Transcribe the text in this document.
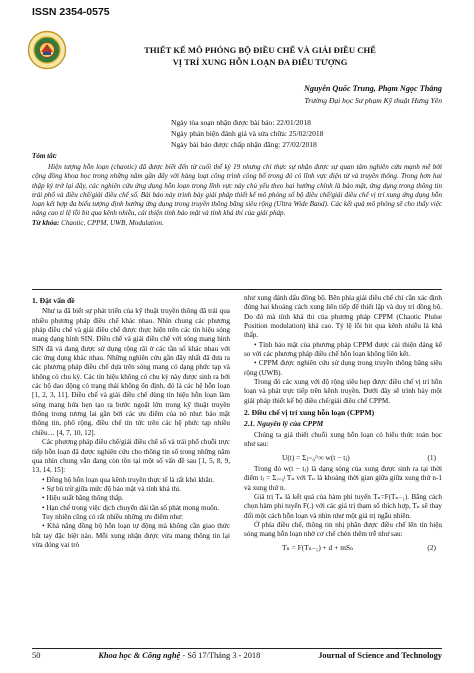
ISSN 2354-0575
THIẾT KẾ MÔ PHỎNG BỘ ĐIỀU CHẾ VÀ GIẢI ĐIỀU CHẾ
VỊ TRÍ XUNG HỖN LOẠN ĐA ĐIỂU TƯỢNG
Nguyễn Quốc Trung, Phạm Ngọc Thắng
Trường Đại học Sư phạm Kỹ thuật Hưng Yên
Ngày tòa soạn nhận được bài báo: 22/01/2018
Ngày phản biện đánh giá và sửa chữa: 25/02/2018
Ngày bài báo được chấp nhận đăng: 27/02/2018
Tóm tắt:
Hiện tượng hỗn loạn (chaotic) đã được biết đến từ cuối thế kỷ 19 nhưng chỉ thực sự nhận được sự quan tâm nghiên cứu mạnh mẽ bởi cộng đồng khoa học trong những năm gần đây với hàng loạt công trình công bố trong đó có lĩnh vực điện tử và truyền thông. Trong hơn hai thập kỷ trở lại đây, các nghiên cứu ứng dụng hỗn loạn trong lĩnh vực này chủ yếu theo hai hướng chính là bảo mật, ứng dụng trong thông tin trải phổ và điều chế/giải điều chế số. Bài báo này trình bày giải pháp thiết kế mô phỏng số bộ điều chế/giải điều chế vị trí xung ứng dụng hỗn loạn kết hợp đa biểu tượng định hướng ứng dụng trong truyền thông băng siêu rộng (Ultra Wide Band). Các kết quả mô phỏng sẽ cho thấy việc nâng cao tỉ lệ lỗi bit qua kênh nhiễu, cải thiện tính bảo mật và tính khả thi của giải pháp.
Từ khóa: Chaotic, CPPM, UWB, Modulation.
1. Đặt vấn đề
Như ta đã biết sự phát triển của kỹ thuật truyền thông đã trải qua nhiều phương pháp điều chế khác nhau. Nhìn chung các phương pháp điều chế và giải điều chế được thực hiện trên các tín hiệu sóng mang dạng hình SIN. Điều chế và giải điều chế với sóng mang hình SIN đã và đang được sử dụng rộng rãi ở các tần số khác nhau với các ứng dụng khác nhau. Những nghiên cứu gần đây nhất đã đưa ra các phương pháp điều chế dựa trên sóng mang có dạng phức tạp và không có chu kỳ. Các tín hiệu không có chu kỳ này được sinh ra bởi các bộ dao động có trạng thái không ổn định, đó là các hệ hỗn loạn [1, 2, 3, 11]. Điều chế và giải điều chế dùng tín hiệu hỗn loạn làm sóng mang hứa hẹn tạo ra bước ngoặt lớn trong kỹ thuật truyền thông trong tương lai gần bởi các ưu điểm của nó như: bảo mật thông tin, phổ rộng, điều chế tín tức trên các hệ phức tạp nhiều chiều… [4, 7, 10, 12].
Các phương pháp điều chế/giải điều chế số và trải phổ chuỗi trực tiếp hỗn loạn đã được nghiên cứu cho thông tin số trong những năm qua nhìn chung vẫn đang còn tồn tại một số vấn đề sau [1, 5, 8, 9, 13, 14, 15]:
• Đồng bộ hỗn loạn qua kênh truyền thực tế là rất khó khăn.
• Sự bù trừ giữa mức độ bảo mật và tính khả thi.
• Hiệu suất băng thông thấp.
• Hạn chế trong việc dịch chuyển dải tần số phát mong muốn.
Tuy nhiên cũng có rất nhiều những ưu điểm như:
• Khả năng đồng bộ hỗn loạn tự động mà không cần giao thức bắt tay đặc biệt nào. Mỗi xung nhận được vừa mang thông tin lại vừa đóng vai trò
như xung đánh dấu đồng bộ. Bên phía giải điều chế chỉ cần xác định đúng hai khoảng cách xung liên tiếp để thiết lập và duy trì đồng bộ. Do đó mà tính khả thi của phương pháp CPPM (Chaotic Plulse Position modulation) khá cao. Tỷ lệ lỗi bit qua kênh nhiễu là khá thấp.
• Tính bảo mật của phương pháp CPPM được cải thiện đáng kể so với các phương pháp điều chế hỗn loạn không liên kết.
• CPPM được nghiên cứu sử dụng trong truyền thông băng siêu rộng (UWB).
Trong đó các xung với độ rộng siêu hẹp được điều chế vị trí hỗn loạn và phát trực tiếp trên kênh truyền. Dưới đây sẽ trình bày một giải pháp thiết kế bộ điều chế/giải điều chế CPPM.
2. Điều chế vị trí xung hỗn loạn (CPPM)
2.1. Nguyên lý của CPPM
Chúng ta giả thiết chuỗi xung hỗn loạn có biểu thức toán học như sau:
U(t) = Σⱼ₌₀^∞ w(t − tⱼ)	(1)
Trong đó w(t − tⱼ) là dạng sóng của xung được sinh ra tại thời điểm tⱼ = Σᵢ₌₀ʲ Tₙ với Tₙ là khoảng thời gian giữa giữa xung thứ n-1 và xung thứ n.
Giá trị Tₙ là kết quả của hàm phi tuyến Tₙ=F(Tₙ₋₁). Bằng cách chọn hàm phi tuyến F(.) với các giá trị tham số thích hợp, Tₙ sẽ thay đổi một cách hỗn loạn và nhìn như một giá trị ngẫu nhiên.
Ở phía điều chế, thông tin nhị phân được điều chế lên tín hiệu sóng mang hỗn loạn nhờ cơ chế chèn thêm trễ như sau:
Tₙ = F(Tₙ₋₁) + d + mSₙ	(2)
50	Khoa học & Công nghệ - Số 17/Tháng 3 - 2018	Journal of Science and Technology
